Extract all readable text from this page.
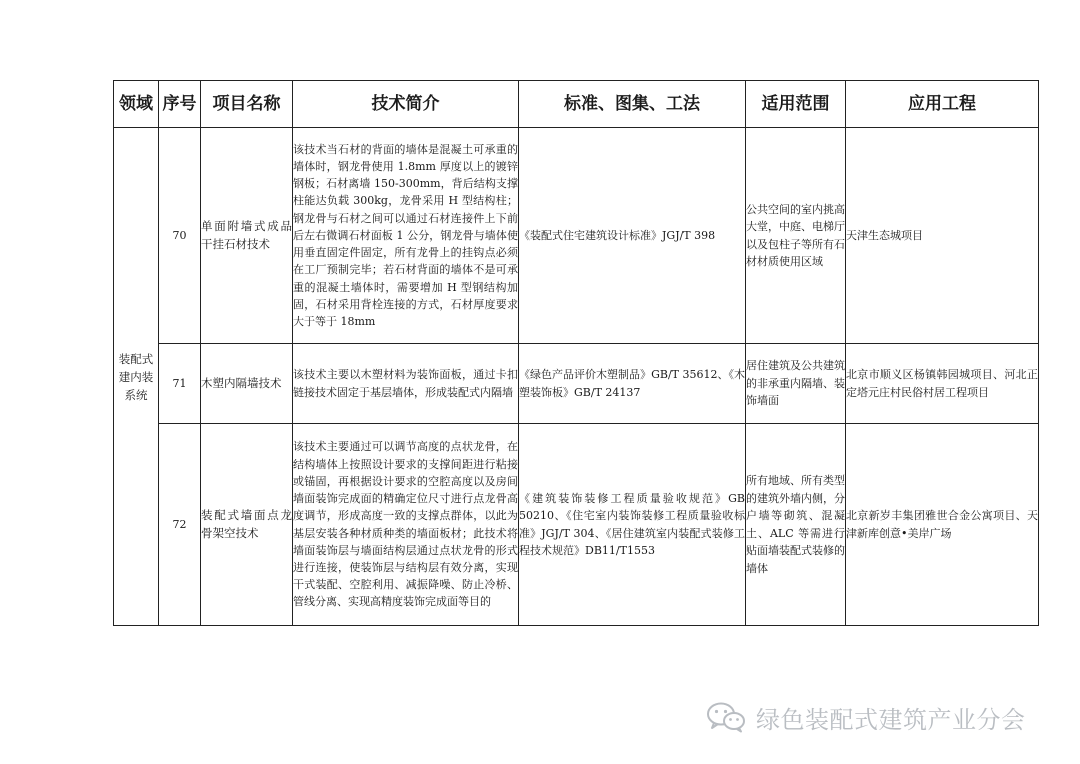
领域	序号	项目名称	技术简介	标准、图集、工法	适用范围	应用工程
装配式建内装系统	70	单面附墙式成品干挂石材技术	该技术当石材的背面的墙体是混凝土可承重的墙体时，钢龙骨使用 1.8mm 厚度以上的镀锌钢板；石材离墙 150-300mm，背后结构支撑柱能达负载 300kg，龙骨采用 H 型结构柱；钢龙骨与石材之间可以通过石材连接件上下前后左右微调石材面板 1 公分，钢龙骨与墙体使用垂直固定件固定，所有龙骨上的挂钩点必须在工厂预制完毕；若石材背面的墙体不是可承重的混凝土墙体时，需要增加 H 型钢结构加固，石材采用背栓连接的方式，石材厚度要求大于等于 18mm	《装配式住宅建筑设计标准》JGJ/T 398	公共空间的室内挑高大堂，中庭、电梯厅以及包柱子等所有石材材质使用区域	天津生态城项目
	71	木塑内隔墙技术	该技术主要以木塑材料为装饰面板，通过卡扣链接技术固定于基层墙体，形成装配式内隔墙	《绿色产品评价木塑制品》GB/T 35612、《木塑装饰板》GB/T 24137	居住建筑及公共建筑的非承重内隔墙、装饰墙面	北京市顺义区杨镇韩园城项目、河北正定塔元庄村民俗村居工程项目
	72	装配式墙面点龙骨架空技术	该技术主要通过可以调节高度的点状龙骨，在结构墙体上按照设计要求的支撑间距进行粘接或锚固，再根据设计要求的空腔高度以及房间墙面装饰完成面的精确定位尺寸进行点龙骨高度调节，形成高度一致的支撑点群体，以此为基层安装各种材质种类的墙面板材；此技术将墙面装饰层与墙面结构层通过点状龙骨的形式进行连接，使装饰层与结构层有效分离，实现干式装配、空腔利用、减振降噪、防止冷桥、管线分离、实现高精度装饰完成面等目的	《建筑装饰装修工程质量验收规范》GB 50210、《住宅室内装饰装修工程质量验收标准》JGJ/T 304、《居住建筑室内装配式装修工程技术规范》DB11/T1553	所有地域、所有类型的建筑外墙内侧，分户墙等砌筑、混凝土、ALC 等需进行贴面墙装配式装修的墙体	北京新岁丰集团雅世合金公寓项目、天津新库创意•美岸广场
绿色装配式建筑产业分会
